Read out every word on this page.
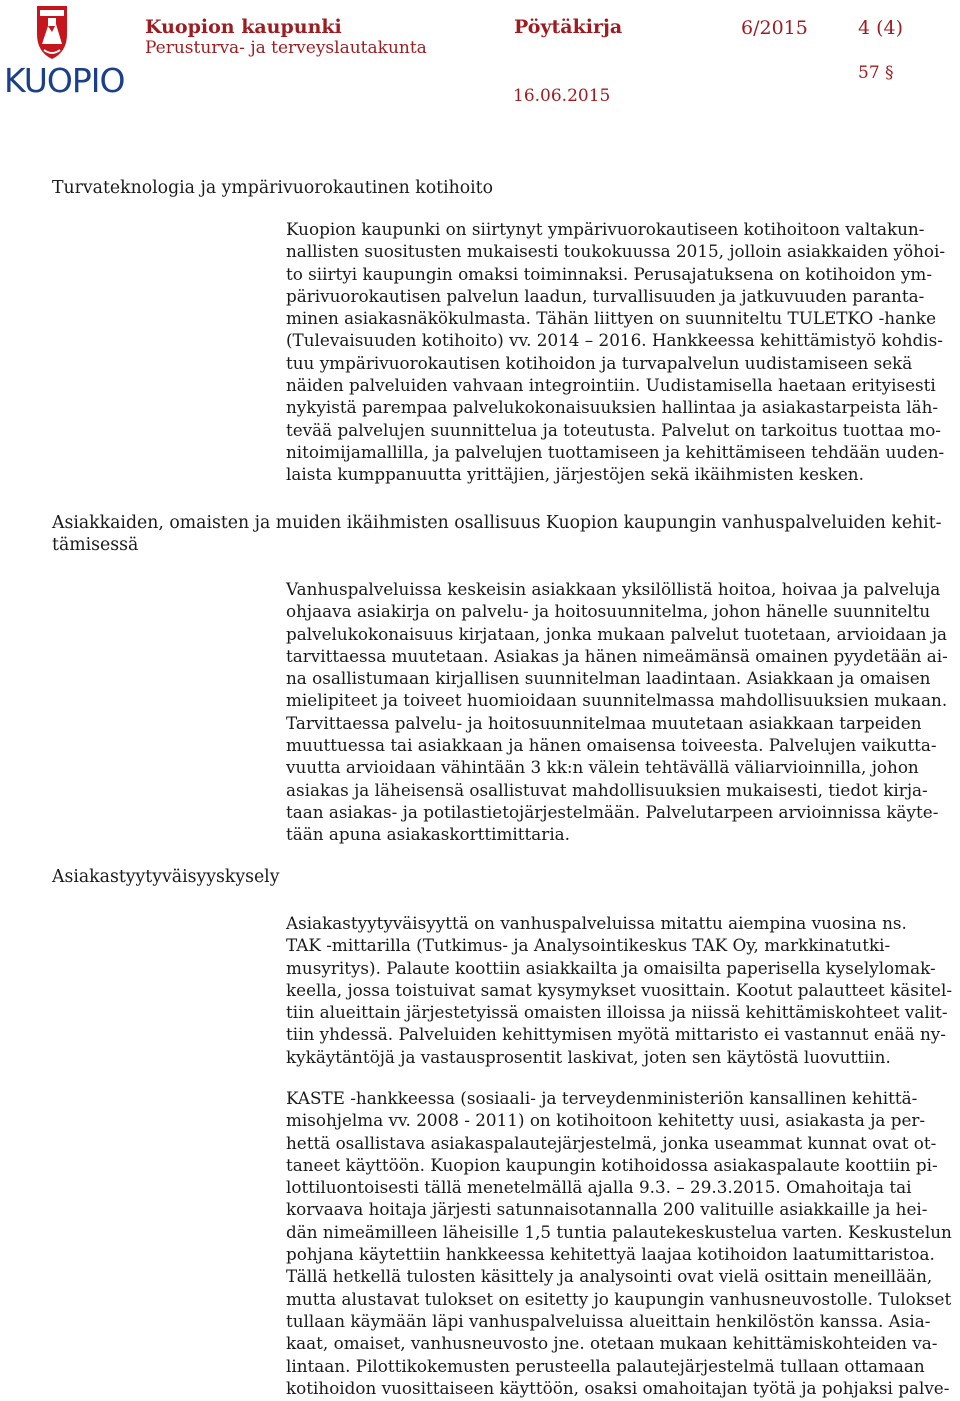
KUOPIO
Kuopion kaupunki
Perusturva- ja terveyslautakunta
Pöytäkirja	6/2015	4 (4)
57 §
16.06.2015
Turvateknologia ja ympärivuorokautinen kotihoito
Kuopion kaupunki on siirtynyt ympärivuorokautiseen kotihoitoon valtakun-
nallisten suositusten mukaisesti toukokuussa 2015, jolloin asiakkaiden yöhoi-
to siirtyi kaupungin omaksi toiminnaksi. Perusajatuksena on kotihoidon ym-
pärivuorokautisen palvelun laadun, turvallisuuden ja jatkuvuuden paranta-
minen asiakasnäkökulmasta. Tähän liittyen on suunniteltu TULETKO -hanke
(Tulevaisuuden kotihoito) vv. 2014 – 2016. Hankkeessa kehittämistyö kohdis-
tuu ympärivuorokautisen kotihoidon ja turvapalvelun uudistamiseen sekä
näiden palveluiden vahvaan integrointiin. Uudistamisella haetaan erityisesti
nykyistä parempaa palvelukokonaisuuksien hallintaa ja asiakastarpeista läh-
tevää palvelujen suunnittelua ja toteutusta. Palvelut on tarkoitus tuottaa mo-
nitoimijamallilla, ja palvelujen tuottamiseen ja kehittämiseen tehdään uuden-
laista kumppanuutta yrittäjien, järjestöjen sekä ikäihmisten kesken.
Asiakkaiden, omaisten ja muiden ikäihmisten osallisuus Kuopion kaupungin vanhuspalveluiden kehit-
tämisessä
Vanhuspalveluissa keskeisin asiakkaan yksilöllistä hoitoa, hoivaa ja palveluja
ohjaava asiakirja on palvelu- ja hoitosuunnitelma, johon hänelle suunniteltu
palvelukokonaisuus kirjataan, jonka mukaan palvelut tuotetaan, arvioidaan ja
tarvittaessa muutetaan. Asiakas ja hänen nimeämänsä omainen pyydetään ai-
na osallistumaan kirjallisen suunnitelman laadintaan. Asiakkaan ja omaisen
mielipiteet ja toiveet huomioidaan suunnitelmassa mahdollisuuksien mukaan.
Tarvittaessa palvelu- ja hoitosuunnitelmaa muutetaan asiakkaan tarpeiden
muuttuessa tai asiakkaan ja hänen omaisensa toiveesta. Palvelujen vaikutta-
vuutta arvioidaan vähintään 3 kk:n välein tehtävällä väliarvioinnilla, johon
asiakas ja läheisensä osallistuvat mahdollisuuksien mukaisesti, tiedot kirja-
taan asiakas- ja potilastietojärjestelmään. Palvelutarpeen arvioinnissa käyte-
tään apuna asiakaskorttimittaria.
Asiakastyytyväisyyskysely
Asiakastyytyväisyyttä on vanhuspalveluissa mitattu aiempina vuosina ns.
TAK -mittarilla (Tutkimus- ja Analysointikeskus TAK Oy, markkinatutki-
musyritys). Palaute koottiin asiakkailta ja omaisilta paperisella kyselylomak-
keella, jossa toistuivat samat kysymykset vuosittain. Kootut palautteet käsitel-
tiin alueittain järjestetyissä omaisten illoissa ja niissä kehittämiskohteet valit-
tiin yhdessä. Palveluiden kehittymisen myötä mittaristo ei vastannut enää ny-
kykäytäntöjä ja vastausprosentit laskivat, joten sen käytöstä luovuttiin.
KASTE -hankkeessa (sosiaali- ja terveydenministeriön kansallinen kehittä-
misohjelma vv. 2008 - 2011) on kotihoitoon kehitetty uusi, asiakasta ja per-
hettä osallistava asiakaspalautejärjestelmä, jonka useammat kunnat ovat ot-
taneet käyttöön. Kuopion kaupungin kotihoidossa asiakaspalaute koottiin pi-
lottiluontoisesti tällä menetelmällä ajalla 9.3. – 29.3.2015. Omahoitaja tai
korvaava hoitaja järjesti satunnaisotannalla 200 valituille asiakkaille ja hei-
dän nimeämilleen läheisille 1,5 tuntia palautekeskustelua varten. Keskustelun
pohjana käytettiin hankkeessa kehitettyä laajaa kotihoidon laatumittaristoa.
Tällä hetkellä tulosten käsittely ja analysointi ovat vielä osittain meneillään,
mutta alustavat tulokset on esitetty jo kaupungin vanhusneuvostolle. Tulokset
tullaan käymään läpi vanhuspalveluissa alueittain henkilöstön kanssa. Asia-
kaat, omaiset, vanhusneuvosto jne. otetaan mukaan kehittämiskohteiden va-
lintaan. Pilottikokemusten perusteella palautejärjestelmä tullaan ottamaan
kotihoidon vuosittaiseen käyttöön, osaksi omahoitajan työtä ja pohjaksi palve-
